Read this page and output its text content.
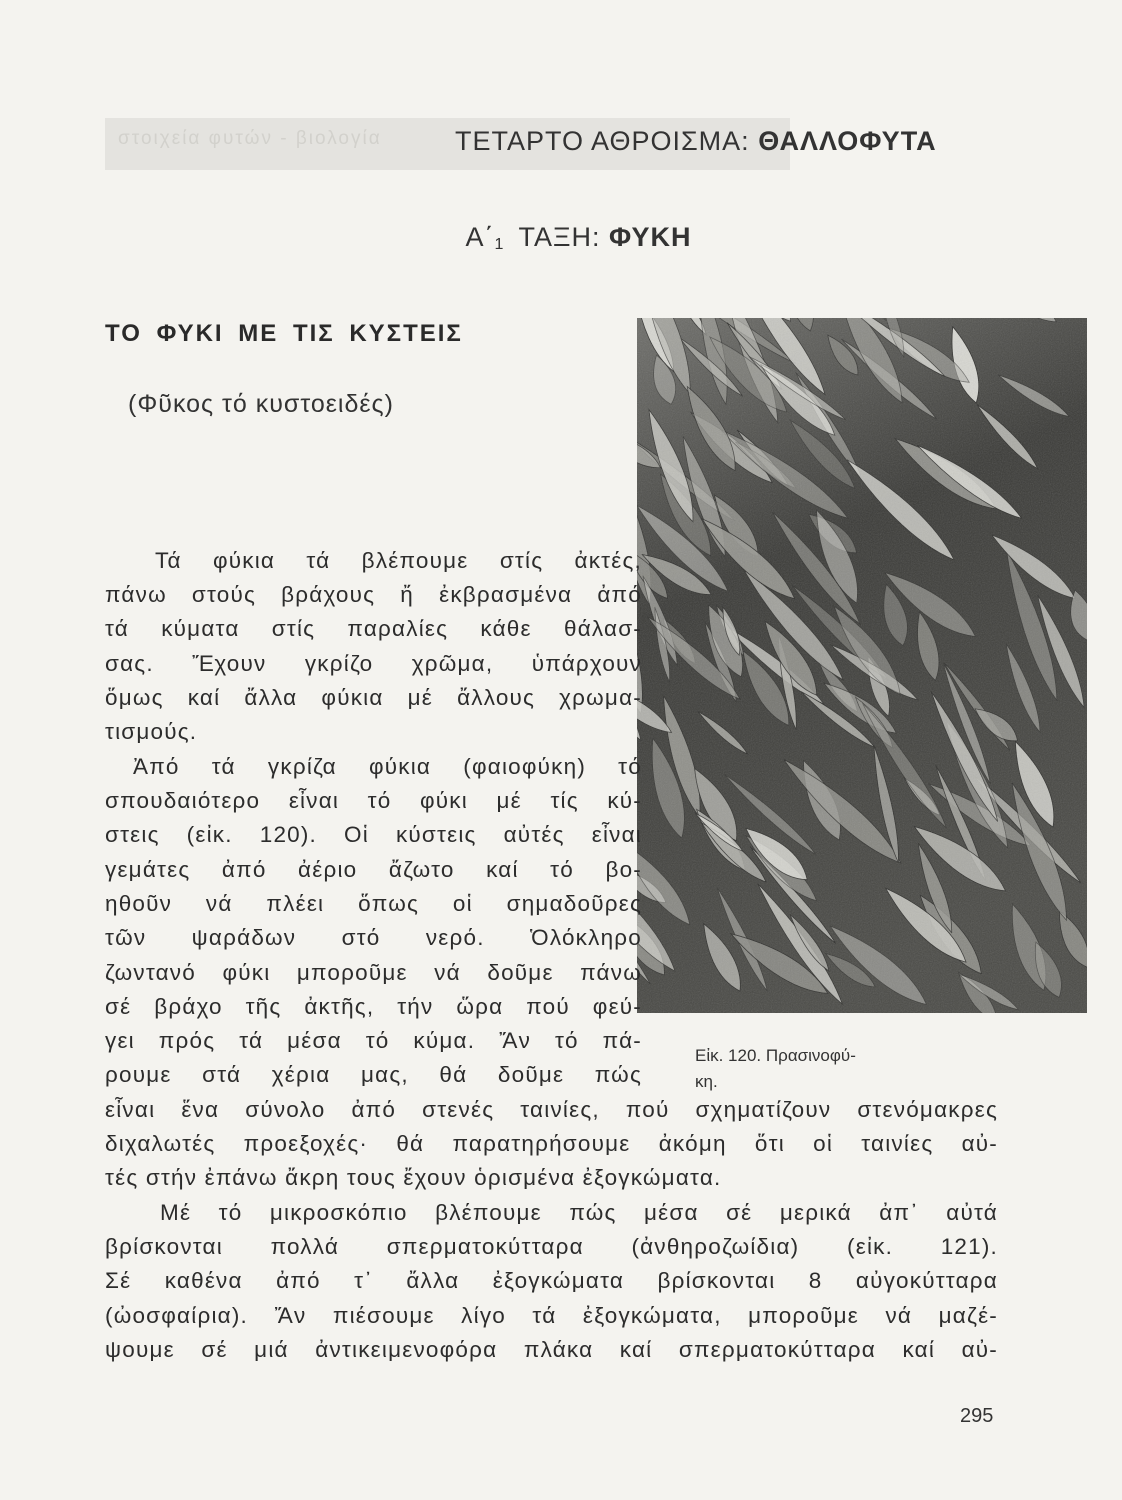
στοιχεία φυτών - βιολογία	ΤΕΤΑΡΤΟ ΑΘΡΟΙΣΜΑ: ΘΑΛΛΟΦΥΤΑ
Α΄1 ΤΑΞΗ: ΦΥΚΗ
ΤΟ ΦΥΚΙ ΜΕ ΤΙΣ ΚΥΣΤΕΙΣ
(Φῦκος τό κυστοειδές)
Εἰκ. 120. Πρασινοφύ-
κη.
Τά φύκια τά βλέπουμε στίς ἀκτές,
πάνω στούς βράχους ἤ ἐκβρασμένα ἀπό
τά κύματα στίς παραλίες κάθε θάλασ-
σας. Ἔχουν γκρίζο χρῶμα, ὑπάρχουν
ὅμως καί ἄλλα φύκια μέ ἄλλους χρωμα-
τισμούς.
Ἀπό τά γκρίζα φύκια (φαιοφύκη) τό
σπουδαιότερο εἶναι τό φύκι μέ τίς κύ-
στεις (εἰκ. 120). Οἱ κύστεις αὐτές εἶναι
γεμάτες ἀπό ἀέριο ἄζωτο καί τό βο-
ηθοῦν νά πλέει ὅπως οἱ σημαδοῦρες
τῶν ψαράδων στό νερό. Ὁλόκληρο
ζωντανό φύκι μποροῦμε νά δοῦμε πάνω
σέ βράχο τῆς ἀκτῆς, τήν ὥρα πού φεύ-
γει πρός τά μέσα τό κύμα. Ἄν τό πά-
ρουμε στά χέρια μας, θά δοῦμε πώς
εἶναι ἕνα σύνολο ἀπό στενές ταινίες, πού σχηματίζουν στενόμακρες
διχαλωτές προεξοχές· θά παρατηρήσουμε ἀκόμη ὅτι οἱ ταινίες αὐ-
τές στήν ἐπάνω ἄκρη τους ἔχουν ὁρισμένα ἐξογκώματα.
Μέ τό μικροσκόπιο βλέπουμε πώς μέσα σέ μερικά ἀπ᾽ αὐτά
βρίσκονται πολλά σπερματοκύτταρα (ἀνθηροζωίδια) (εἰκ. 121).
Σέ καθένα ἀπό τ᾽ ἄλλα ἐξογκώματα βρίσκονται 8 αὐγοκύτταρα
(ὠοσφαίρια). Ἄν πιέσουμε λίγο τά ἐξογκώματα, μποροῦμε νά μαζέ-
ψουμε σέ μιά ἀντικειμενοφόρα πλάκα καί σπερματοκύτταρα καί αὐ-
295
